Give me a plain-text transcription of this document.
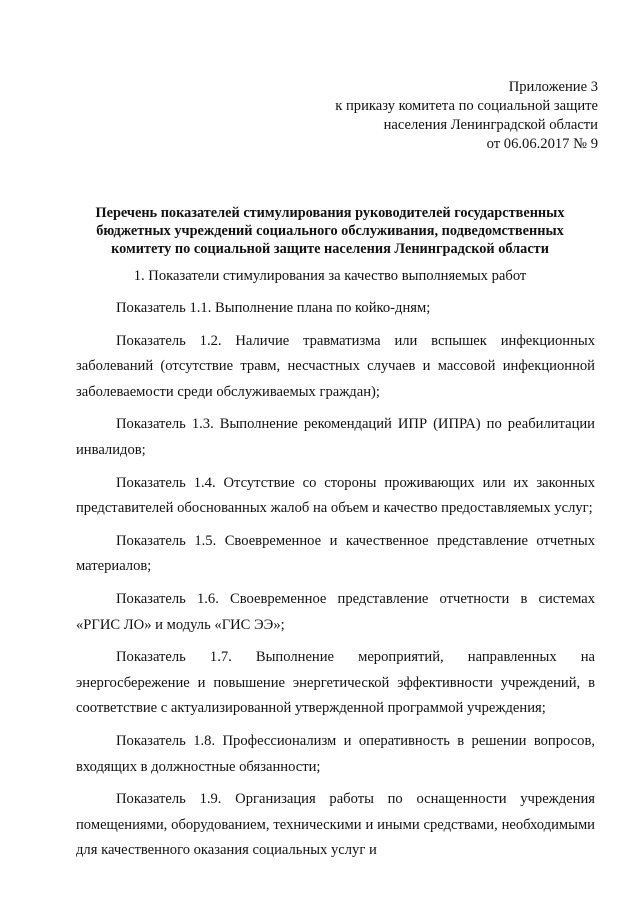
Приложение 3
к приказу комитета по социальной защите
населения Ленинградской области
от 06.06.2017 № 9
Перечень показателей стимулирования руководителей государственных бюджетных учреждений социального обслуживания, подведомственных комитету по социальной защите населения Ленинградской области
1. Показатели стимулирования за качество выполняемых работ

Показатель 1.1. Выполнение плана по койко-дням;

Показатель 1.2. Наличие травматизма или вспышек инфекционных заболеваний (отсутствие травм, несчастных случаев и массовой инфекционной заболеваемости среди обслуживаемых граждан);

Показатель 1.3. Выполнение рекомендаций ИПР (ИПРА) по реабилитации инвалидов;

Показатель 1.4. Отсутствие со стороны проживающих или их законных представителей обоснованных жалоб на объем и качество предоставляемых услуг;

Показатель 1.5. Своевременное и качественное представление отчетных материалов;

Показатель 1.6. Своевременное представление отчетности в системах «РГИС ЛО» и модуль «ГИС ЭЭ»;

Показатель 1.7. Выполнение мероприятий, направленных на энергосбережение и повышение энергетической эффективности учреждений, в соответствие с актуализированной утвержденной программой учреждения;

Показатель 1.8. Профессионализм и оперативность в решении вопросов, входящих в должностные обязанности;

Показатель 1.9. Организация работы по оснащенности учреждения помещениями, оборудованием, техническими и иными средствами, необходимыми для качественного оказания социальных услуг и
